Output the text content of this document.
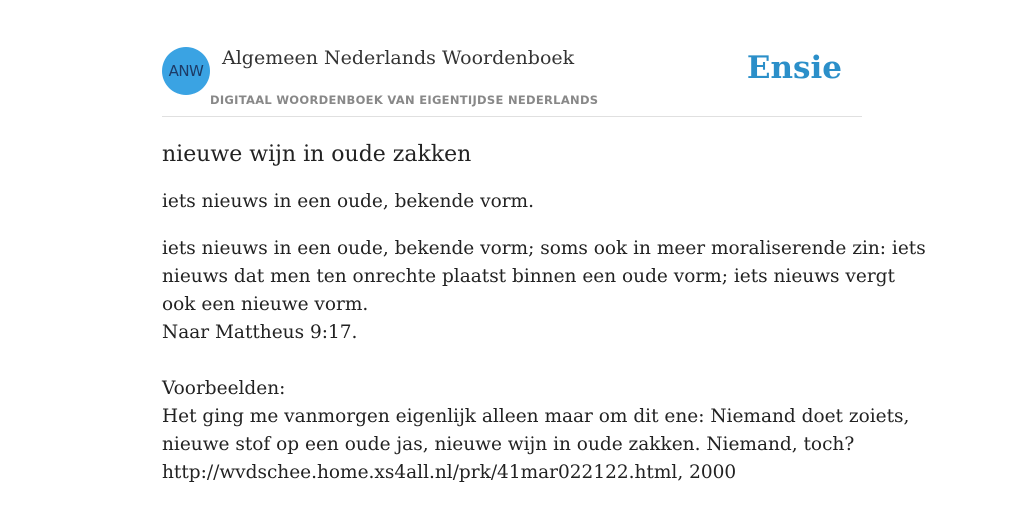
ANW
Algemeen Nederlands Woordenboek
DIGITAAL WOORDENBOEK VAN EIGENTIJDSE NEDERLANDS
Ensie
nieuwe wijn in oude zakken

iets nieuws in een oude, bekende vorm.

iets nieuws in een oude, bekende vorm; soms ook in meer moraliserende zin: iets
nieuws dat men ten onrechte plaatst binnen een oude vorm; iets nieuws vergt
ook een nieuwe vorm.
Naar Mattheus 9:17.
Voorbeelden:
Het ging me vanmorgen eigenlijk alleen maar om dit ene: Niemand doet zoiets,
nieuwe stof op een oude jas, nieuwe wijn in oude zakken. Niemand, toch?
http://wvdschee.home.xs4all.nl/prk/41mar022122.html, 2000
